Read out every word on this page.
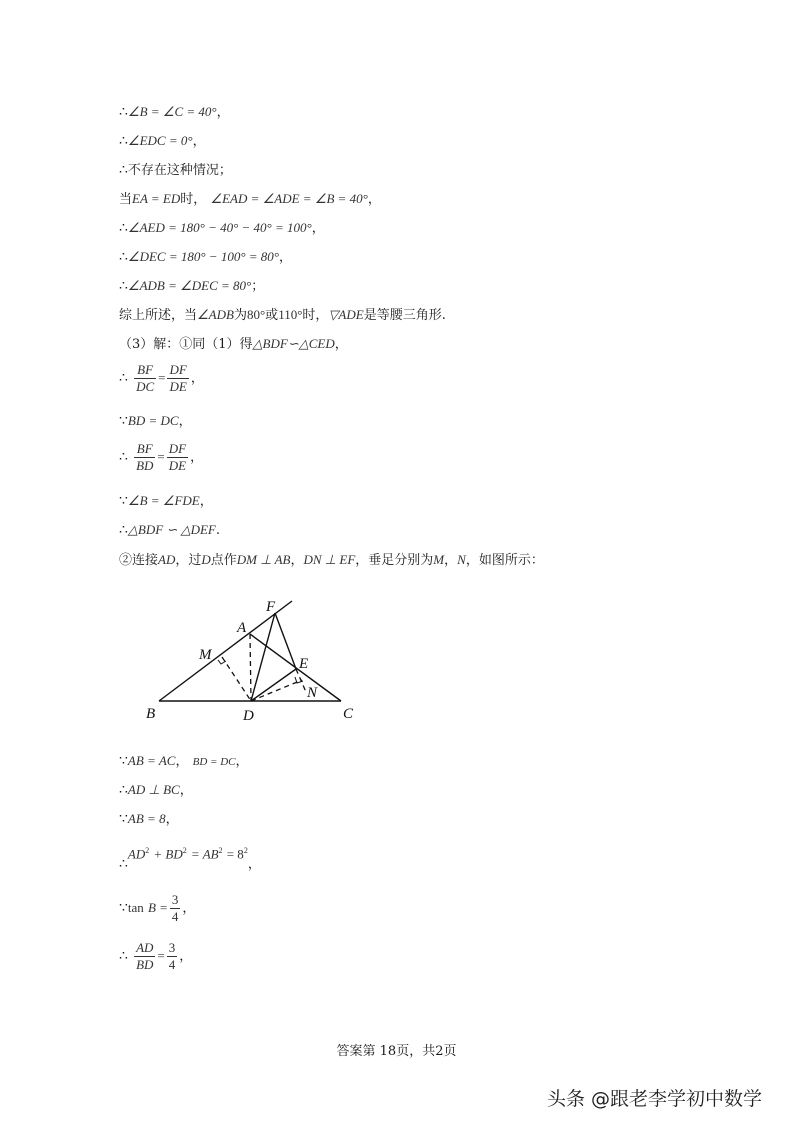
∴∠B = ∠C = 40°，
∴∠EDC = 0°，
∴不存在这种情况；
当EA = ED时， ∠EAD = ∠ADE = ∠B = 40°，
∴∠AED = 180° − 40° − 40° = 100°，
∴∠DEC = 180° − 100° = 80°，
∴∠ADB = ∠DEC = 80°；
综上所述，当∠ADB为80°或110°时，▽ADE是等腰三角形.
（3）解：①同（1）得△BDF∽△CED，
∴ $\frac{BF}{DC} = \frac{DF}{DE}$ ，
∵BD = DC，
∴ $\frac{BF}{BD} = \frac{DF}{DE}$ ，
∵∠B = ∠FDE，
∴△BDF ∽ △DEF.
②连接AD，过D点作DM ⊥ AB，DN ⊥ EF，垂足分别为M，N，如图所示：
F
A
M
E
N
B	D	C
∵AB = AC， BD = DC，
∴AD ⊥ BC，
∵AB = 8，
$\therefore AD^2 + BD^2 = AB^2 = 8^2$，
∵tan $B = \frac{3}{4}$ ，
∴ $\frac{AD}{BD} = \frac{3}{4}$ ，
答案第 18页，共2页
头条 @跟老李学初中数学
